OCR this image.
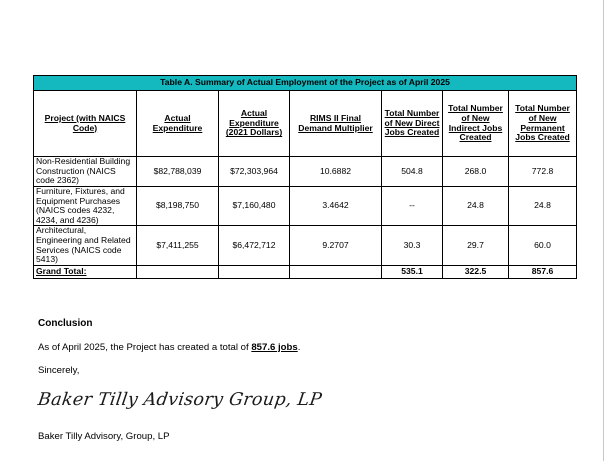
Table A. Summary of Actual Employment of the Project as of April 2025						
Project (with NAICS Code)	Actual Expenditure	Actual Expenditure (2021 Dollars)	RIMS II Final Demand Multiplier	Total Number of New Direct Jobs Created	Total Number of New Indirect Jobs Created	Total Number of New Permanent Jobs Created
Non-Residential Building Construction (NAICS code 2362)	$82,788,039	$72,303,964	10.6882	504.8	268.0	772.8
Furniture, Fixtures, and Equipment Purchases (NAICS codes 4232, 4234, and 4236)	$8,198,750	$7,160,480	3.4642	--	24.8	24.8
Architectural, Engineering and Related Services (NAICS code 5413)	$7,411,255	$6,472,712	9.2707	30.3	29.7	60.0
Grand Total:				535.1	322.5	857.6
Conclusion
As of April 2025, the Project has created a total of 857.6 jobs.
Sincerely,
Baker Tilly Advisory Group, LP
Baker Tilly Advisory, Group, LP
